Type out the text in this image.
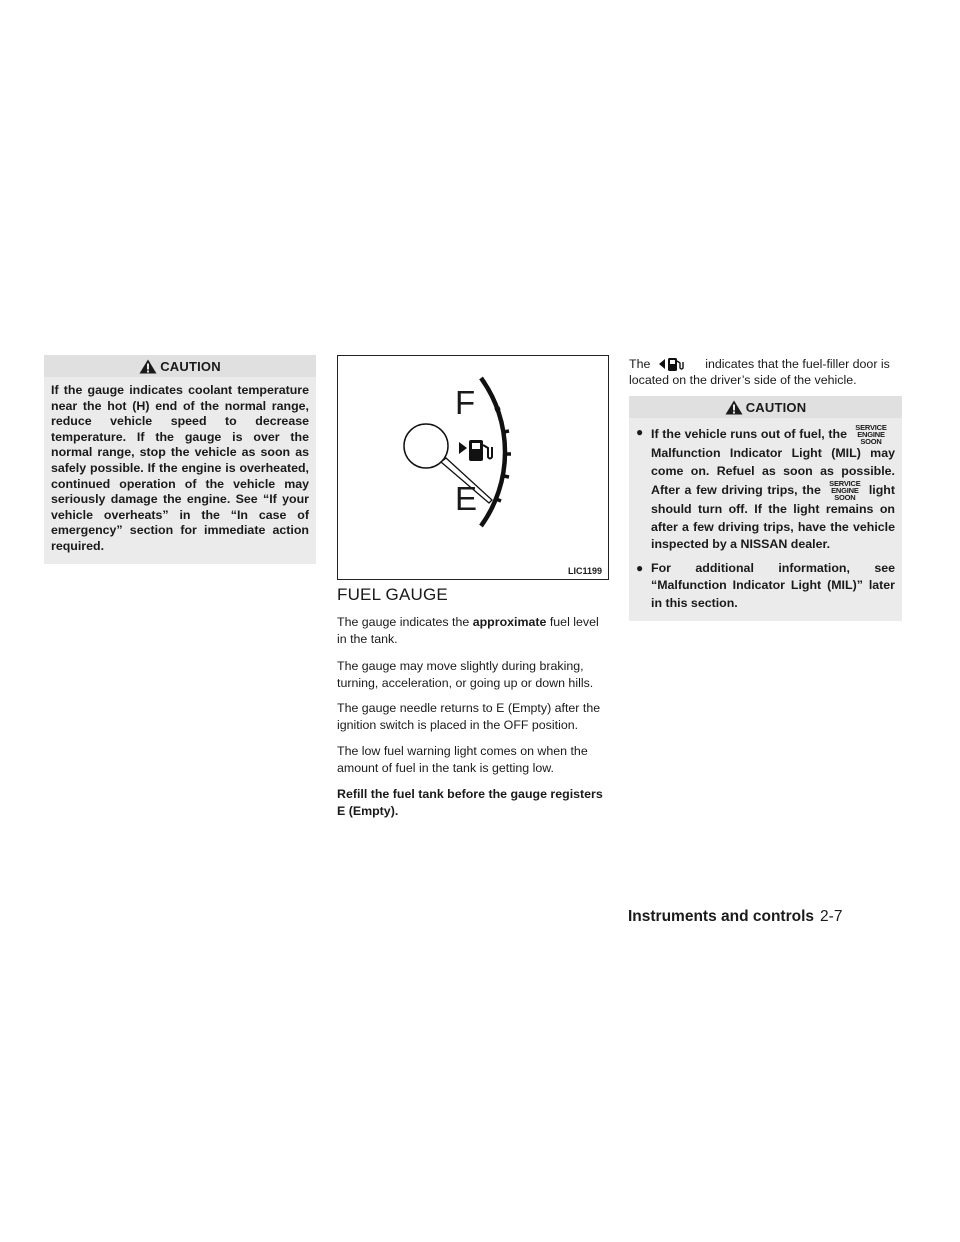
CAUTION
If the gauge indicates coolant temperature near the hot (H) end of the normal range, reduce vehicle speed to decrease temperature. If the gauge is over the normal range, stop the vehicle as soon as safely possible. If the engine is overheated, continued operation of the vehicle may seriously damage the engine. See “If your vehicle overheats” in the “In case of emergency” section for immediate action required.
F
E
LIC1199
FUEL GAUGE
The gauge indicates the approximate fuel level in the tank.
The gauge may move slightly during braking, turning, acceleration, or going up or down hills.
The gauge needle returns to E (Empty) after the ignition switch is placed in the OFF position.
The low fuel warning light comes on when the amount of fuel in the tank is getting low.
Refill the fuel tank before the gauge registers E (Empty).
The	indicates that the fuel-filler door is located on the driver’s side of the vehicle.
CAUTION
● If the vehicle runs out of fuel, the	SERVICE
ENGINE
SOON
Malfunction Indicator Light (MIL) may come on. Refuel as soon as possible. After a few driving trips, the	SERVICE
ENGINE
SOON
light should turn off. If the light remains on after a few driving trips, have the vehicle inspected by a NISSAN dealer.
● For additional information, see “Malfunction Indicator Light (MIL)” later in this section.
Instruments and controls 2-7
